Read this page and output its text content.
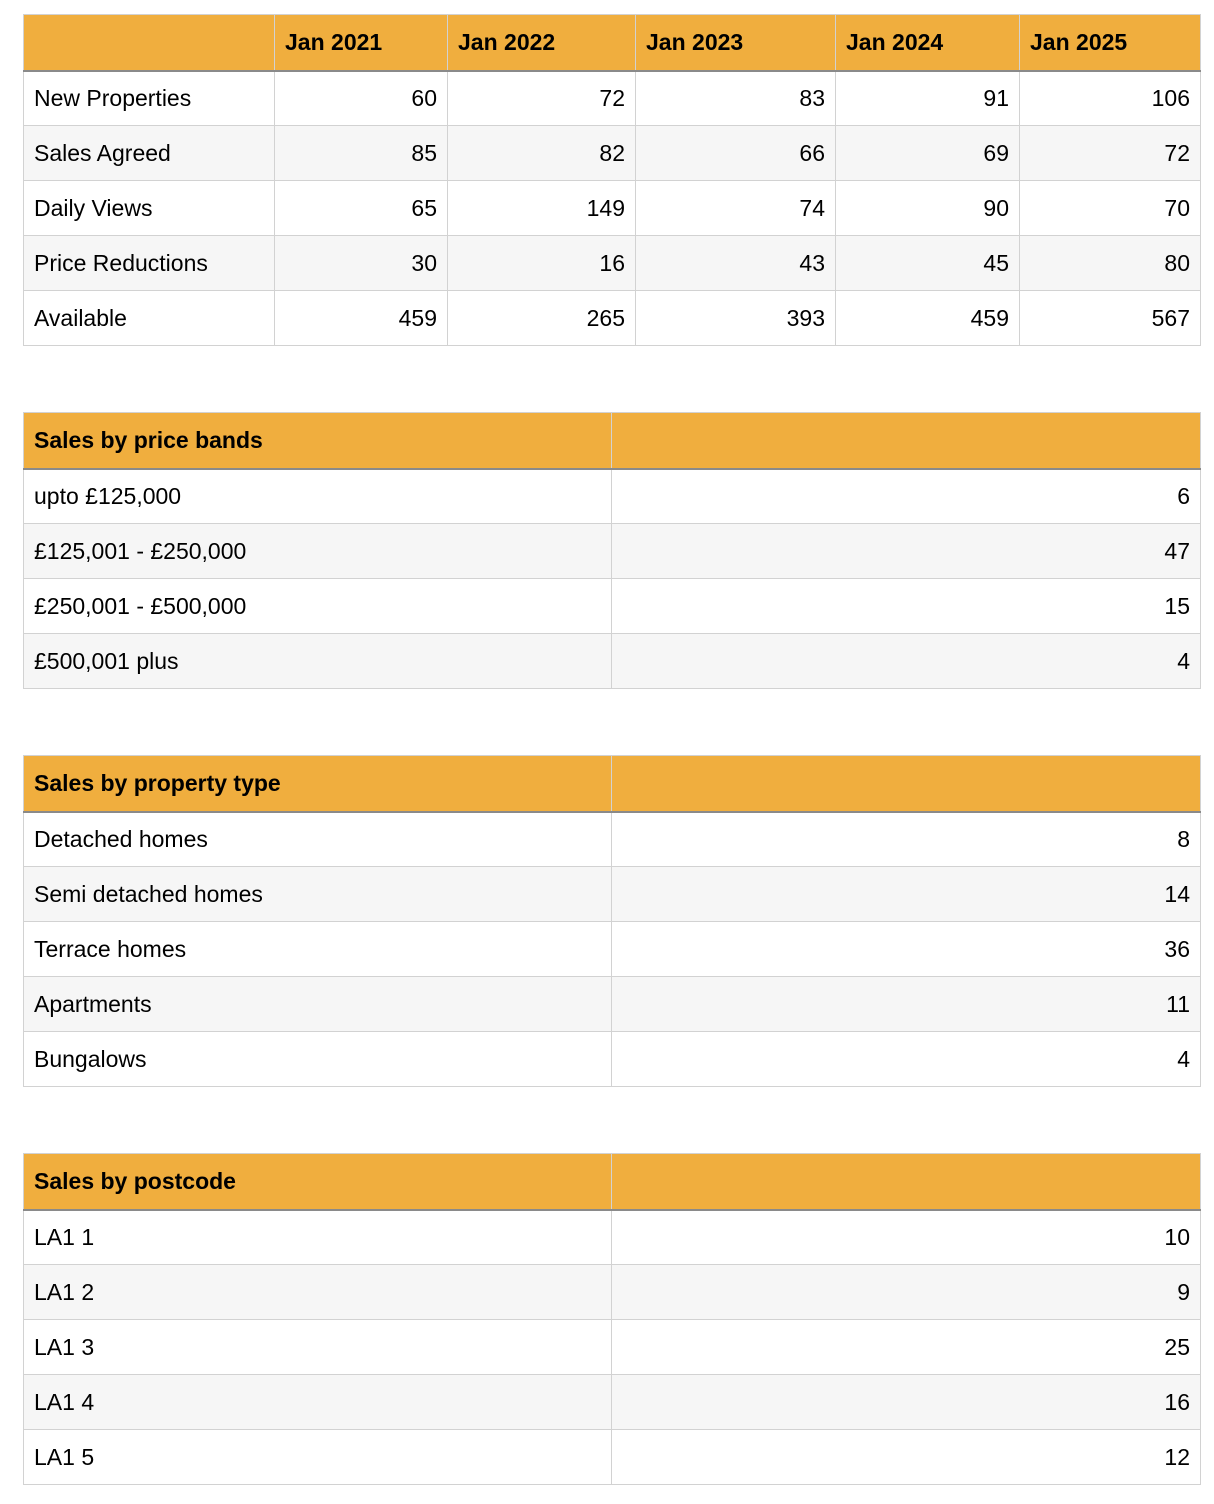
	Jan 2021	Jan 2022	Jan 2023	Jan 2024	Jan 2025
New Properties	60	72	83	91	106
Sales Agreed	85	82	66	69	72
Daily Views	65	149	74	90	70
Price Reductions	30	16	43	45	80
Available	459	265	393	459	567
Sales by price bands	
upto £125,000	6
£125,001 - £250,000	47
£250,001 - £500,000	15
£500,001 plus	4
Sales by property type	
Detached homes	8
Semi detached homes	14
Terrace homes	36
Apartments	11
Bungalows	4
Sales by postcode	
LA1 1	10
LA1 2	9
LA1 3	25
LA1 4	16
LA1 5	12
